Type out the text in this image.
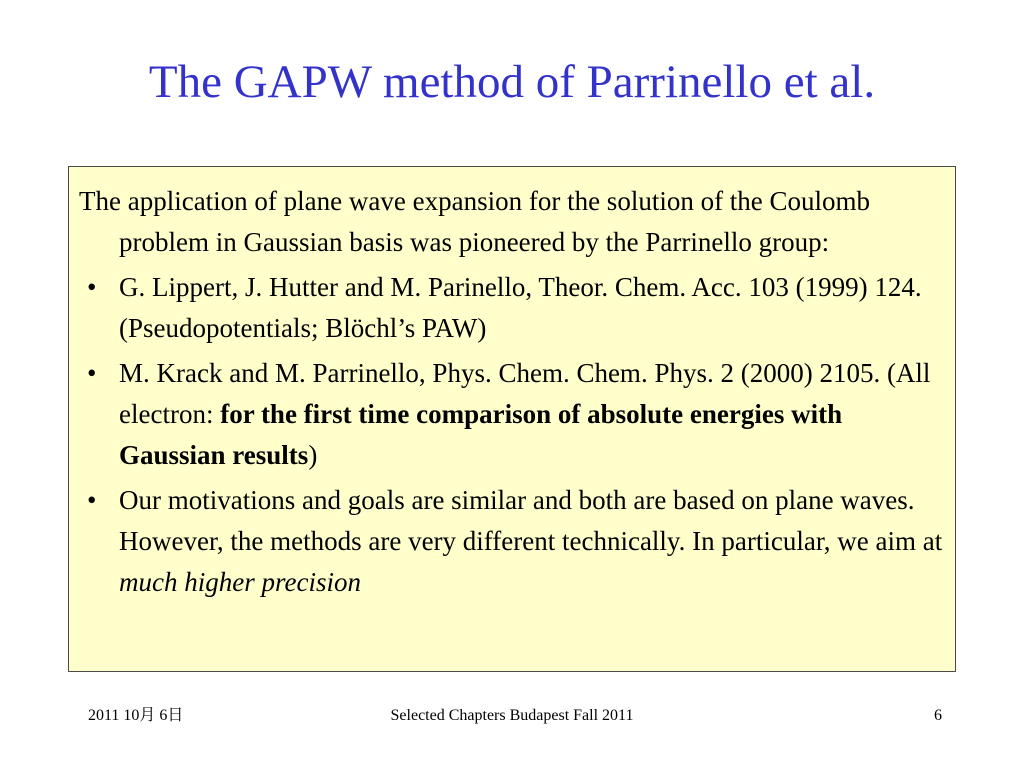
The GAPW method of Parrinello et al.

The application of plane wave expansion for the solution of the Coulomb problem in Gaussian basis was pioneered by the Parrinello group:

• G. Lippert, J. Hutter and M. Parinello, Theor. Chem. Acc. 103 (1999) 124. (Pseudopotentials; Blöchl’s PAW)
• M. Krack and M. Parrinello, Phys. Chem. Chem. Phys. 2 (2000) 2105. (All electron: for the first time comparison of absolute energies with Gaussian results)
• Our motivations and goals are similar and both are based on plane waves. However, the methods are very different technically. In particular, we aim at much higher precision
2011 10月 6日	Selected Chapters Budapest Fall 2011	6
